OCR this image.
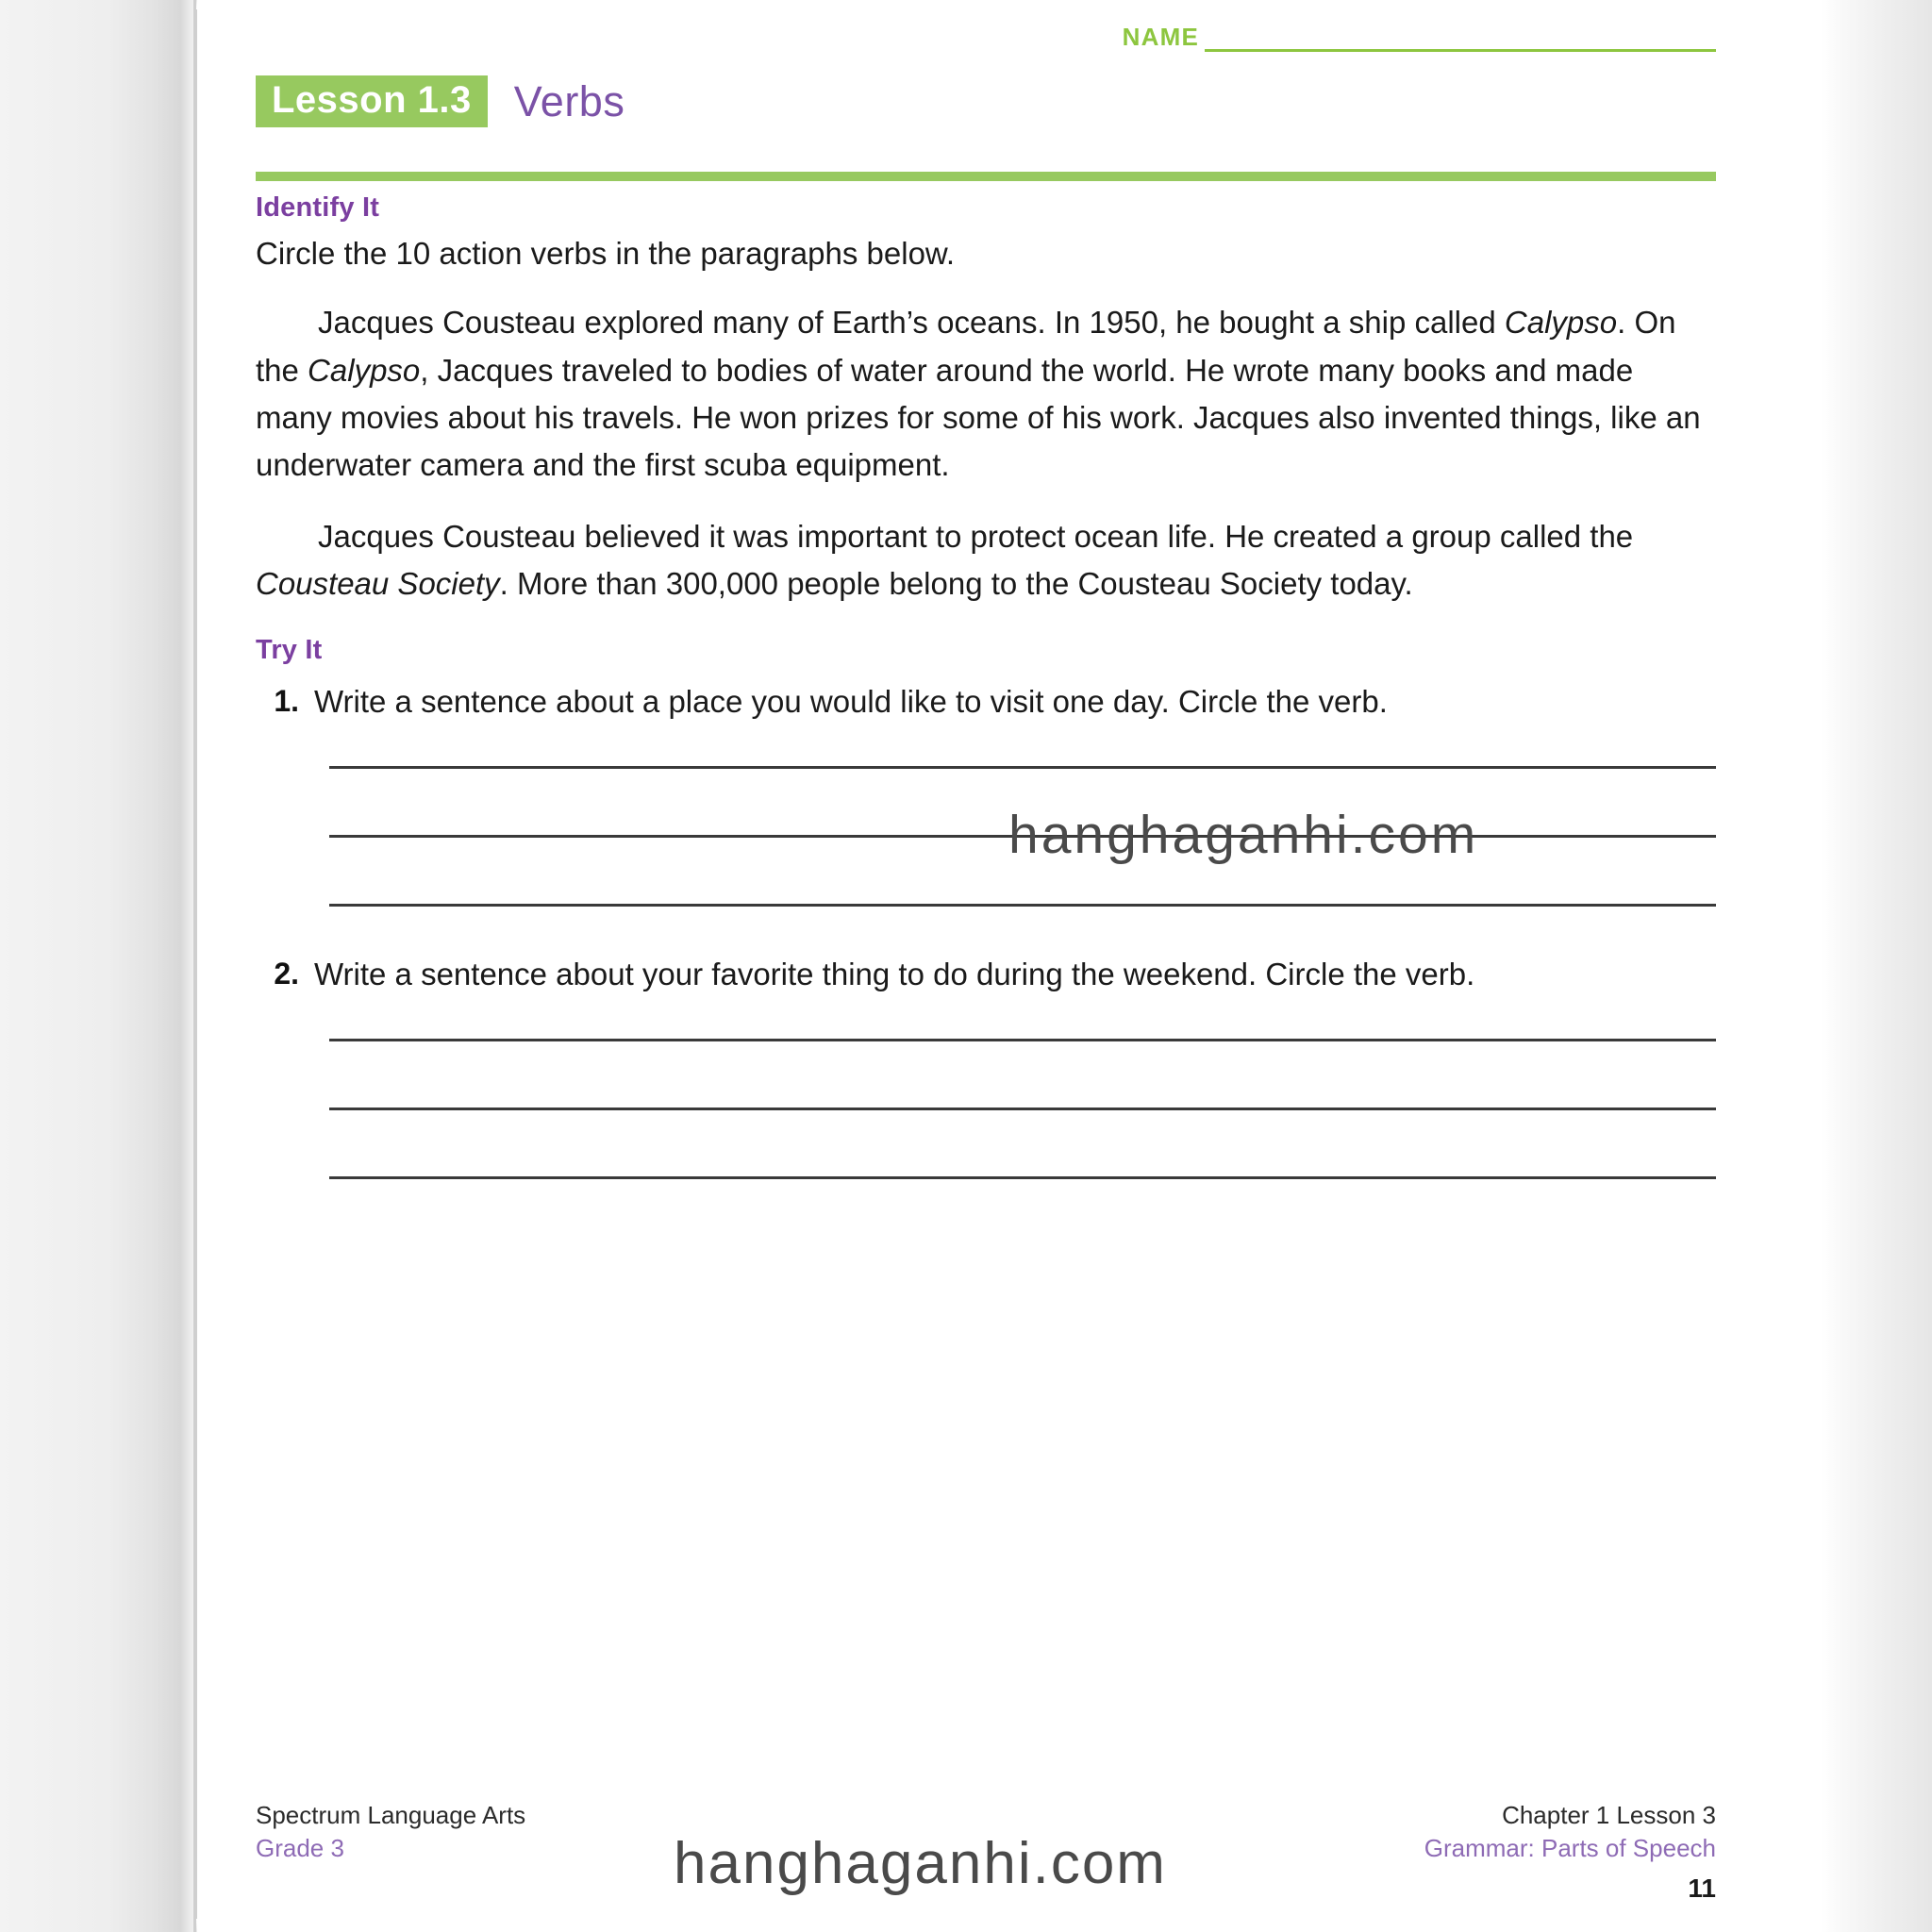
NAME
Lesson 1.3	Verbs
Identify It

Circle the 10 action verbs in the paragraphs below.

Jacques Cousteau explored many of Earth’s oceans. In 1950, he bought a ship called Calypso. On the Calypso, Jacques traveled to bodies of water around the world. He wrote many books and made many movies about his travels. He won prizes for some of his work. Jacques also invented things, like an underwater camera and the first scuba equipment.

Jacques Cousteau believed it was important to protect ocean life. He created a group called the Cousteau Society. More than 300,000 people belong to the Cousteau Society today.

Try It
1. Write a sentence about a place you would like to visit one day. Circle the verb.
2. Write a sentence about your favorite thing to do during the weekend. Circle the verb.
hanghaganhi.com
hanghaganhi.com
Spectrum Language Arts
Grade 3
Chapter 1 Lesson 3
Grammar: Parts of Speech
11
